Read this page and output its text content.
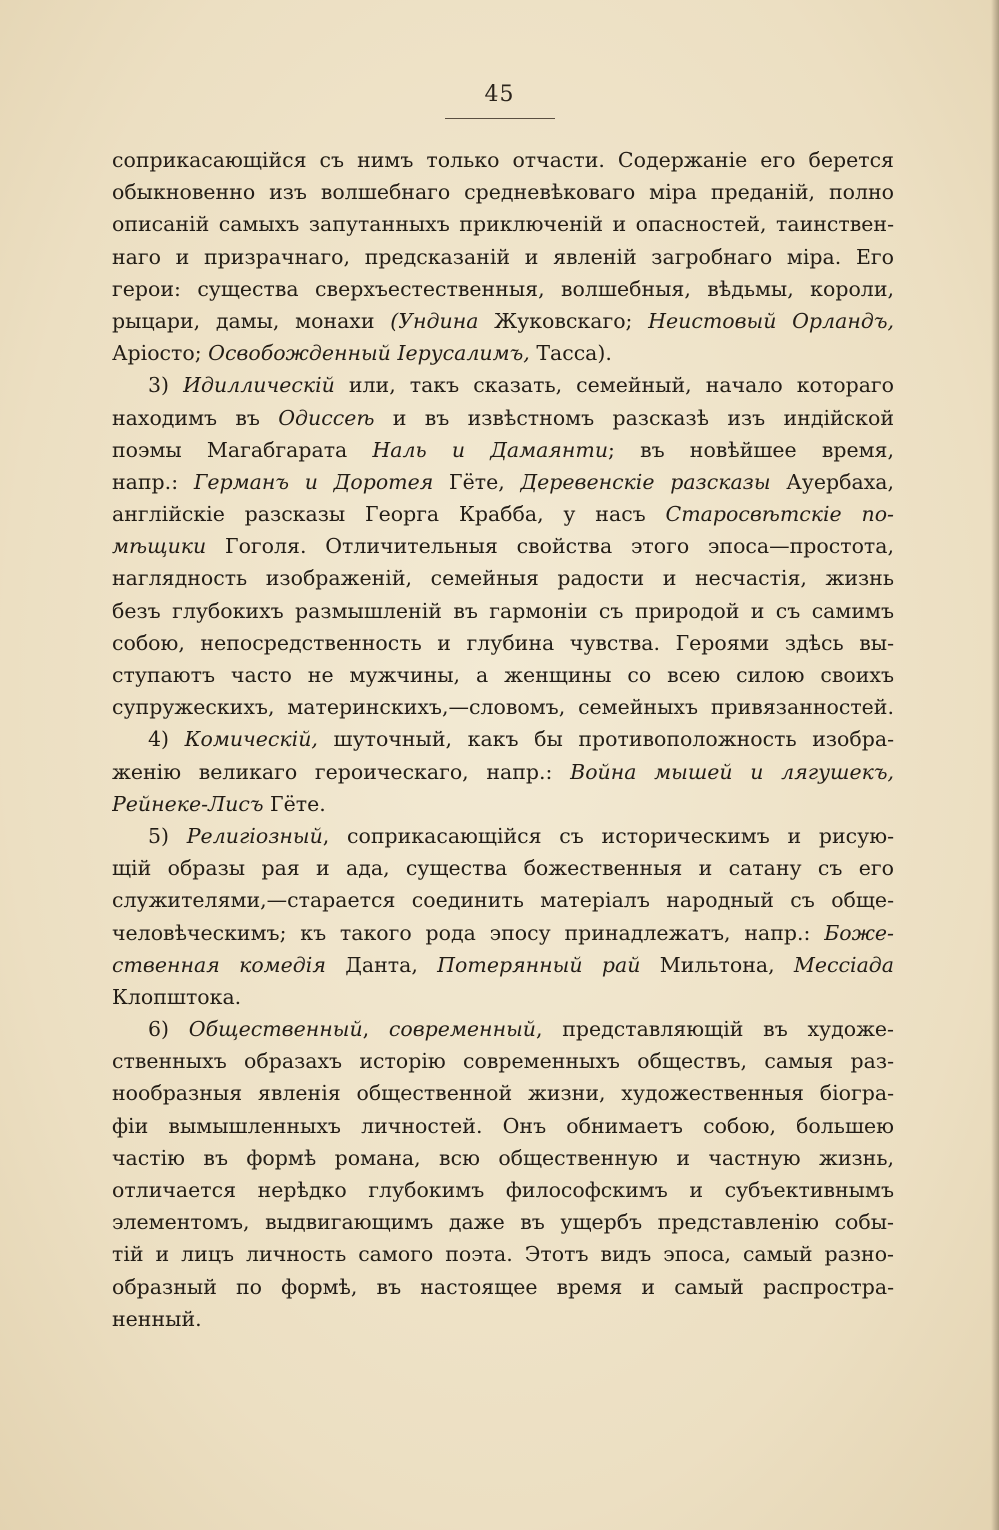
45
соприкасающійся съ нимъ только отчасти. Содержаніе его берется
обыкновенно изъ волшебнаго средневѣковаго міра преданій, полно
описаній самыхъ запутанныхъ приключеній и опасностей, таинствен-
наго и призрачнаго, предсказаній и явленій загробнаго міра. Его
герои: существа сверхъестественныя, волшебныя, вѣдьмы, короли,
рыцари, дамы, монахи (Ундина Жуковскаго; Неистовый Орландъ,
Аріосто; Освобожденный Іерусалимъ, Тасса).
3) Идиллическій или, такъ сказать, семейный, начало котораго
находимъ въ Одиссеѣ и въ извѣстномъ разсказѣ изъ индійской
поэмы Магабгарата Наль и Дамаянти; въ новѣйшее время,
напр.: Германъ и Доротея Гёте, Деревенскіе разсказы Ауербаха,
англійскіе разсказы Георга Крабба, у насъ Старосвѣтскіе по-
мѣщики Гоголя. Отличительныя свойства этого эпоса—простота,
наглядность изображеній, семейныя радости и несчастія, жизнь
безъ глубокихъ размышленій въ гармоніи съ природой и съ самимъ
собою, непосредственность и глубина чувства. Героями здѣсь вы-
ступаютъ часто не мужчины, а женщины со всею силою своихъ
супружескихъ, материнскихъ,—словомъ, семейныхъ привязанностей.
4) Комическій, шуточный, какъ бы противоположность изобра-
женію великаго героическаго, напр.: Война мышей и лягушекъ,
Рейнеке-Лисъ Гёте.
5) Религіозный, соприкасающійся съ историческимъ и рисую-
щій образы рая и ада, существа божественныя и сатану съ его
служителями,—старается соединить матеріалъ народный съ обще-
человѣческимъ; къ такого рода эпосу принадлежатъ, напр.: Боже-
ственная комедія Данта, Потерянный рай Мильтона, Мессіада
Клопштока.
6) Общественный, современный, представляющій въ художе-
ственныхъ образахъ исторію современныхъ обществъ, самыя раз-
нообразныя явленія общественной жизни, художественныя біогра-
фіи вымышленныхъ личностей. Онъ обнимаетъ собою, большею
частію въ формѣ романа, всю общественную и частную жизнь,
отличается нерѣдко глубокимъ философскимъ и субъективнымъ
элементомъ, выдвигающимъ даже въ ущербъ представленію собы-
тій и лицъ личность самого поэта. Этотъ видъ эпоса, самый разно-
образный по формѣ, въ настоящее время и самый распростра-
ненный.
